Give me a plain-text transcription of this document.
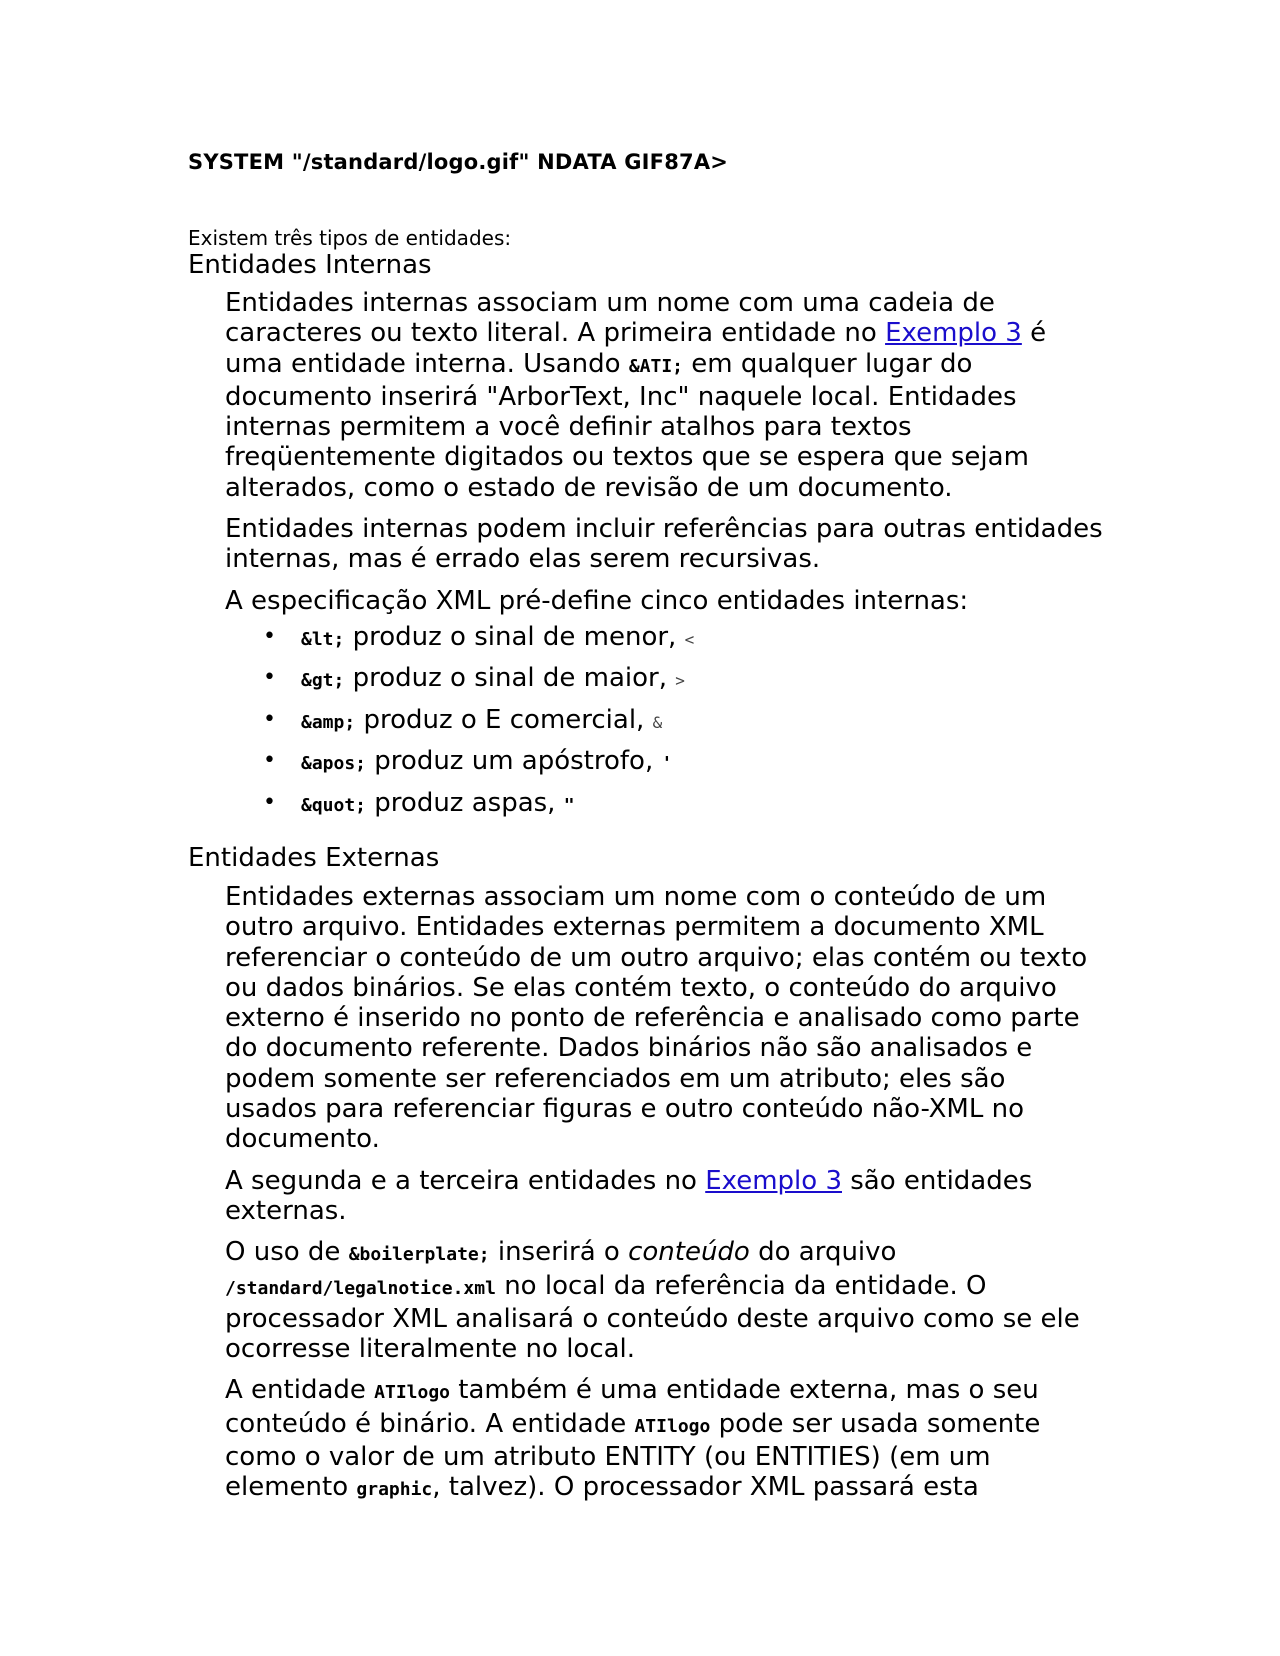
SYSTEM "/standard/logo.gif" NDATA GIF87A>
Existem três tipos de entidades:
Entidades Internas

Entidades internas associam um nome com uma cadeia de caracteres ou texto literal. A primeira entidade no Exemplo 3 é uma entidade interna. Usando &ATI; em qualquer lugar do documento inserirá "ArborText, Inc" naquele local. Entidades internas permitem a você definir atalhos para textos freqüentemente digitados ou textos que se espera que sejam alterados, como o estado de revisão de um documento.

Entidades internas podem incluir referências para outras entidades internas, mas é errado elas serem recursivas.

A especificação XML pré-define cinco entidades internas:

• &lt; produz o sinal de menor, <
• &gt; produz o sinal de maior, >
• &amp; produz o E comercial, &
• &apos; produz um apóstrofo, '
• &quot; produz aspas, "
Entidades Externas

Entidades externas associam um nome com o conteúdo de um outro arquivo. Entidades externas permitem a documento XML referenciar o conteúdo de um outro arquivo; elas contém ou texto ou dados binários. Se elas contém texto, o conteúdo do arquivo externo é inserido no ponto de referência e analisado como parte do documento referente. Dados binários não são analisados e podem somente ser referenciados em um atributo; eles são usados para referenciar figuras e outro conteúdo não-XML no documento.

A segunda e a terceira entidades no Exemplo 3 são entidades externas.

O uso de &boilerplate; inserirá o conteúdo do arquivo /standard/legalnotice.xml no local da referência da entidade. O processador XML analisará o conteúdo deste arquivo como se ele ocorresse literalmente no local.

A entidade ATIlogo também é uma entidade externa, mas o seu conteúdo é binário. A entidade ATIlogo pode ser usada somente como o valor de um atributo ENTITY (ou ENTITIES) (em um elemento graphic, talvez). O processador XML passará esta
